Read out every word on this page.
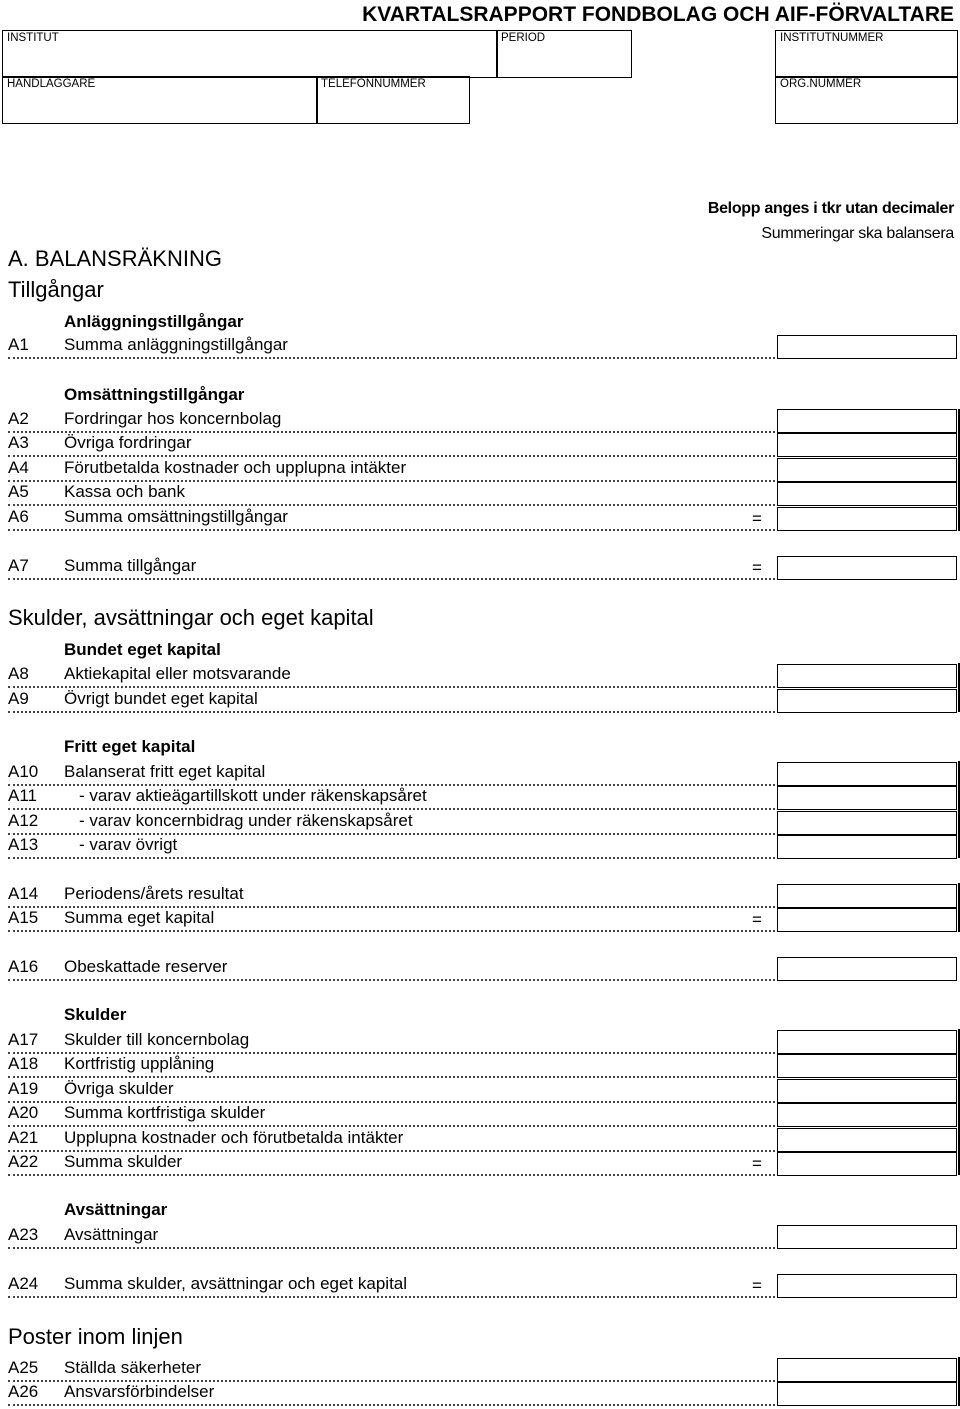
KVARTALSRAPPORT FONDBOLAG OCH AIF-FÖRVALTARE
INSTITUT	PERIOD	INSTITUTNUMMER
HANDLÄGGARE	TELEFONNUMMER	ORG.NUMMER
Belopp anges i tkr utan decimaler
Summeringar ska balansera
A. BALANSRÄKNING
Tillgångar
Skulder, avsättningar och eget kapital
Poster inom linjen
Anläggningstillgångar
A1 Summa anläggningstillgångar
Omsättningstillgångar
A2 Fordringar hos koncernbolag
A3 Övriga fordringar
A4 Förutbetalda kostnader och upplupna intäkter
A5 Kassa och bank
A6 Summa omsättningstillgångar	=
A7 Summa tillgångar	=
Bundet eget kapital
A8 Aktiekapital eller motsvarande
A9 Övrigt bundet eget kapital
Fritt eget kapital
A10 Balanserat fritt eget kapital
A11 - varav aktieägartillskott under räkenskapsåret
A12 - varav koncernbidrag under räkenskapsåret
A13 - varav övrigt
A14 Periodens/årets resultat
A15 Summa eget kapital	=
A16 Obeskattade reserver
Skulder
A17 Skulder till koncernbolag
A18 Kortfristig upplåning
A19 Övriga skulder
A20 Summa kortfristiga skulder
A21 Upplupna kostnader och förutbetalda intäkter
A22 Summa skulder	=
Avsättningar
A23 Avsättningar
A24 Summa skulder, avsättningar och eget kapital	=
A25 Ställda säkerheter
A26 Ansvarsförbindelser
